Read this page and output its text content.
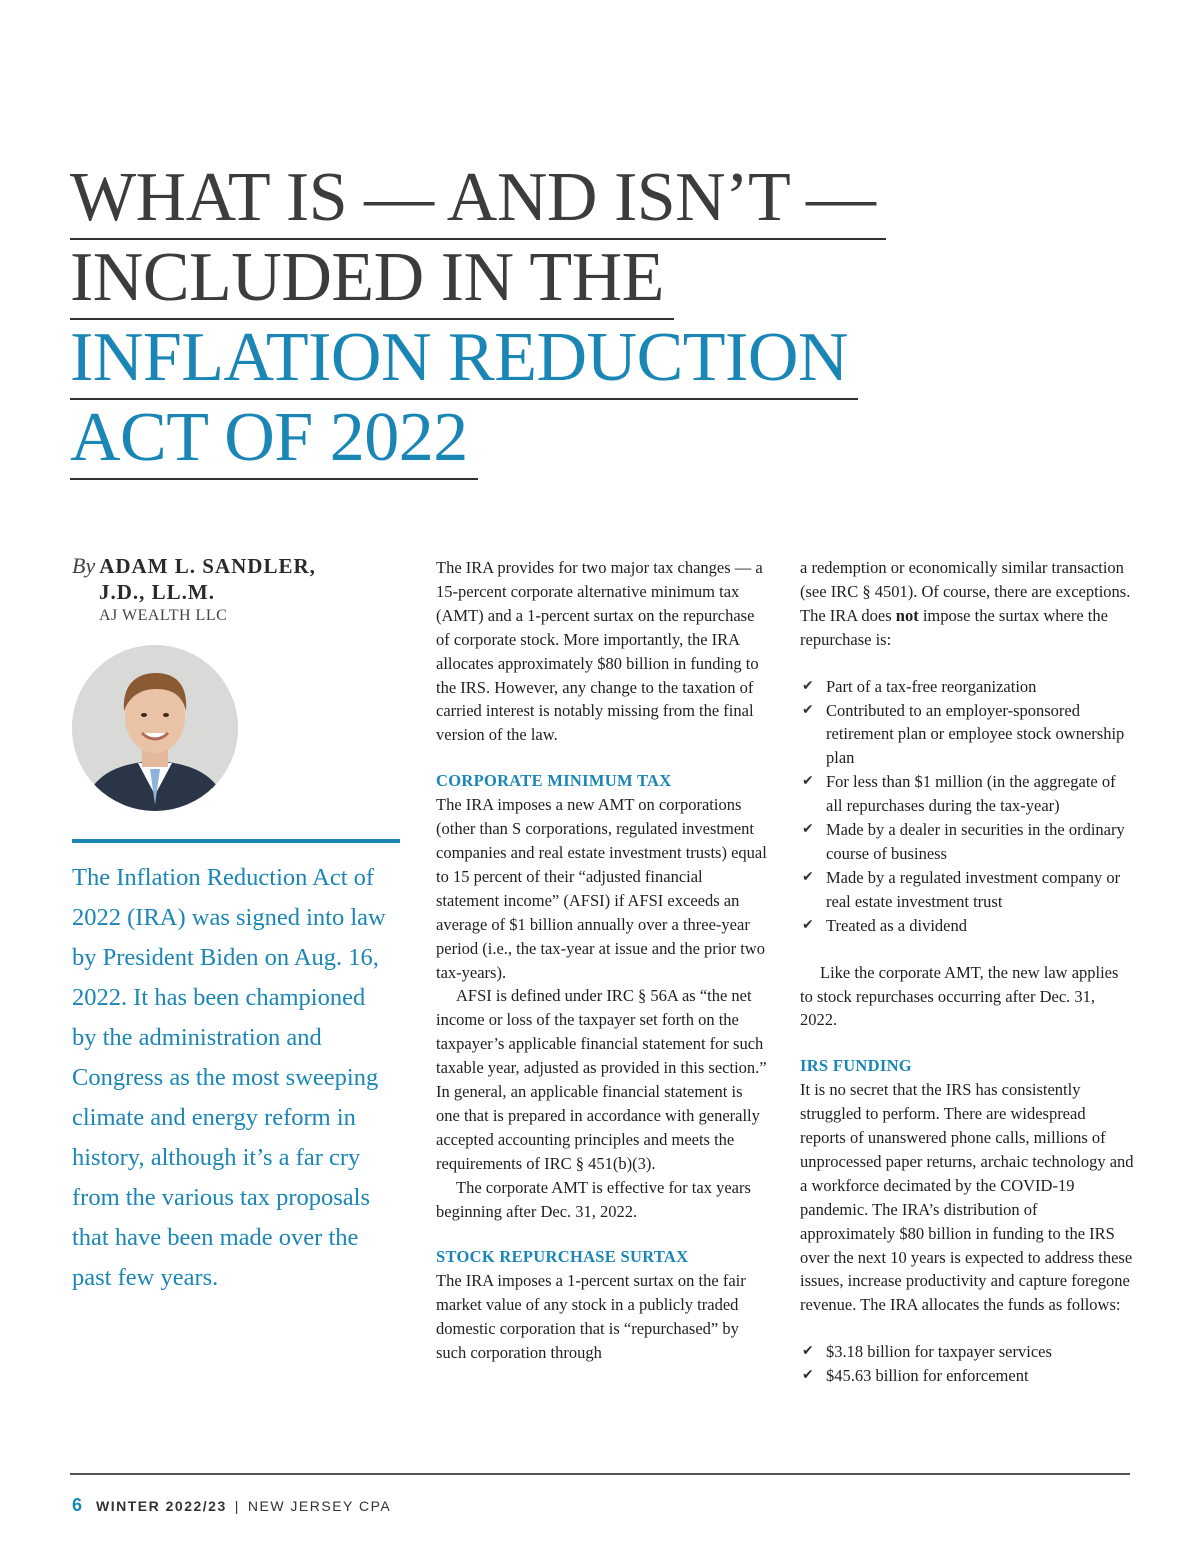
WHAT IS — AND ISN’T —
INCLUDED IN THE
INFLATION REDUCTION
ACT OF 2022
By ADAM L. SANDLER,
J.D., LL.M.
AJ WEALTH LLC
The Inflation Reduction Act of 2022 (IRA) was signed into law by President Biden on Aug. 16, 2022. It has been championed by the administration and Congress as the most sweeping climate and energy reform in history, although it’s a far cry from the various tax proposals that have been made over the past few years.

The IRA provides for two major tax changes — a 15-percent corporate alternative minimum tax (AMT) and a 1-percent surtax on the repurchase of corporate stock. More importantly, the IRA allocates approximately $80 billion in funding to the IRS. However, any change to the taxation of carried interest is notably missing from the final version of the law.

CORPORATE MINIMUM TAX

The IRA imposes a new AMT on corporations (other than S corporations, regulated investment companies and real estate investment trusts) equal to 15 percent of their “adjusted financial statement income” (AFSI) if AFSI exceeds an average of $1 billion annually over a three-year period (i.e., the tax-year at issue and the prior two tax-years).

AFSI is defined under IRC § 56A as “the net income or loss of the taxpayer set forth on the taxpayer’s applicable financial statement for such taxable year, adjusted as provided in this section.” In general, an applicable financial statement is one that is prepared in accordance with generally accepted accounting principles and meets the requirements of IRC § 451(b)(3).

The corporate AMT is effective for tax years beginning after Dec. 31, 2022.

STOCK REPURCHASE SURTAX

The IRA imposes a 1-percent surtax on the fair market value of any stock in a publicly traded domestic corporation that is “repurchased” by such corporation through

a redemption or economically similar transaction (see IRC § 4501). Of course, there are exceptions. The IRA does not impose the surtax where the repurchase is:

✔ Part of a tax-free reorganization
✔ Contributed to an employer-sponsored retirement plan or employee stock ownership plan
✔ For less than $1 million (in the aggregate of all repurchases during the tax-year)
✔ Made by a dealer in securities in the ordinary course of business
✔ Made by a regulated investment company or real estate investment trust
✔ Treated as a dividend

Like the corporate AMT, the new law applies to stock repurchases occurring after Dec. 31, 2022.

IRS FUNDING

It is no secret that the IRS has consistently struggled to perform. There are widespread reports of unanswered phone calls, millions of unprocessed paper returns, archaic technology and a workforce decimated by the COVID-19 pandemic. The IRA’s distribution of approximately $80 billion in funding to the IRS over the next 10 years is expected to address these issues, increase productivity and capture foregone revenue. The IRA allocates the funds as follows:

✔ $3.18 billion for taxpayer services
✔ $45.63 billion for enforcement
6 WINTER 2022/23 | NEW JERSEY CPA
